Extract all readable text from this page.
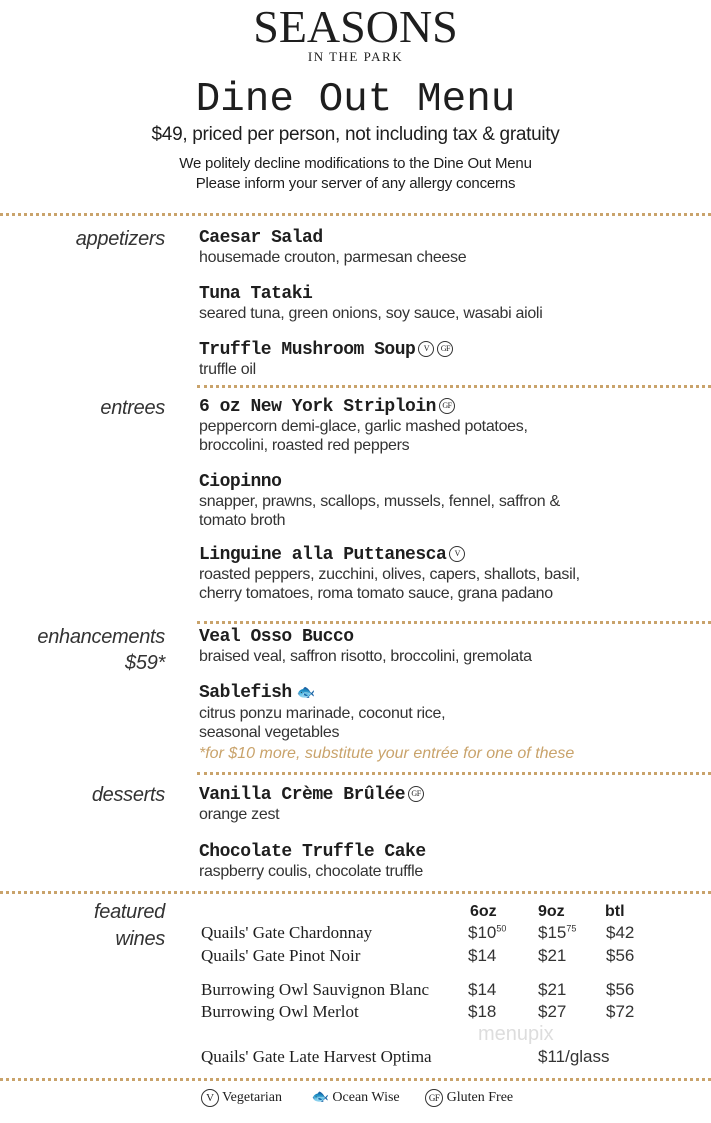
SEASONS
IN THE PARK
Dine Out Menu
$49, priced per person, not including tax & gratuity
We politely decline modifications to the Dine Out Menu
Please inform your server of any allergy concerns
appetizers Caesar Salad
housemade crouton, parmesan cheese
Tuna Tataki
seared tuna, green onions, soy sauce, wasabi aioli
Truffle Mushroom Soup V GF
truffle oil
entrees 6 oz New York Striploin GF
peppercorn demi-glace, garlic mashed potatoes,
broccolini, roasted red peppers
Ciopinno
snapper, prawns, scallops, mussels, fennel, saffron &
tomato broth
Linguine alla Puttanesca V
roasted peppers, zucchini, olives, capers, shallots, basil,
cherry tomatoes, roma tomato sauce, grana padano
enhancements
$59*
Veal Osso Bucco
braised veal, saffron risotto, broccolini, gremolata
Sablefish 🐟
citrus ponzu marinade, coconut rice,
seasonal vegetables
*for $10 more, substitute your entrée for one of these
desserts Vanilla Crème Brûlée GF
orange zest
Chocolate Truffle Cake
raspberry coulis, chocolate truffle
featured
wines
6oz	9oz	btl
Quails' Gate Chardonnay	$\$10^{50}$ $\$15^{75}$ $42
Quails' Gate Pinot Noir	$14 $21 $56
Burrowing Owl Sauvignon Blanc $14 $21 $56
Burrowing Owl Merlot	$18 $27 $72
menupix
Quails' Gate Late Harvest Optima	$11/glass
V Vegetarian 🐟 Ocean Wise	GF Gluten Free
